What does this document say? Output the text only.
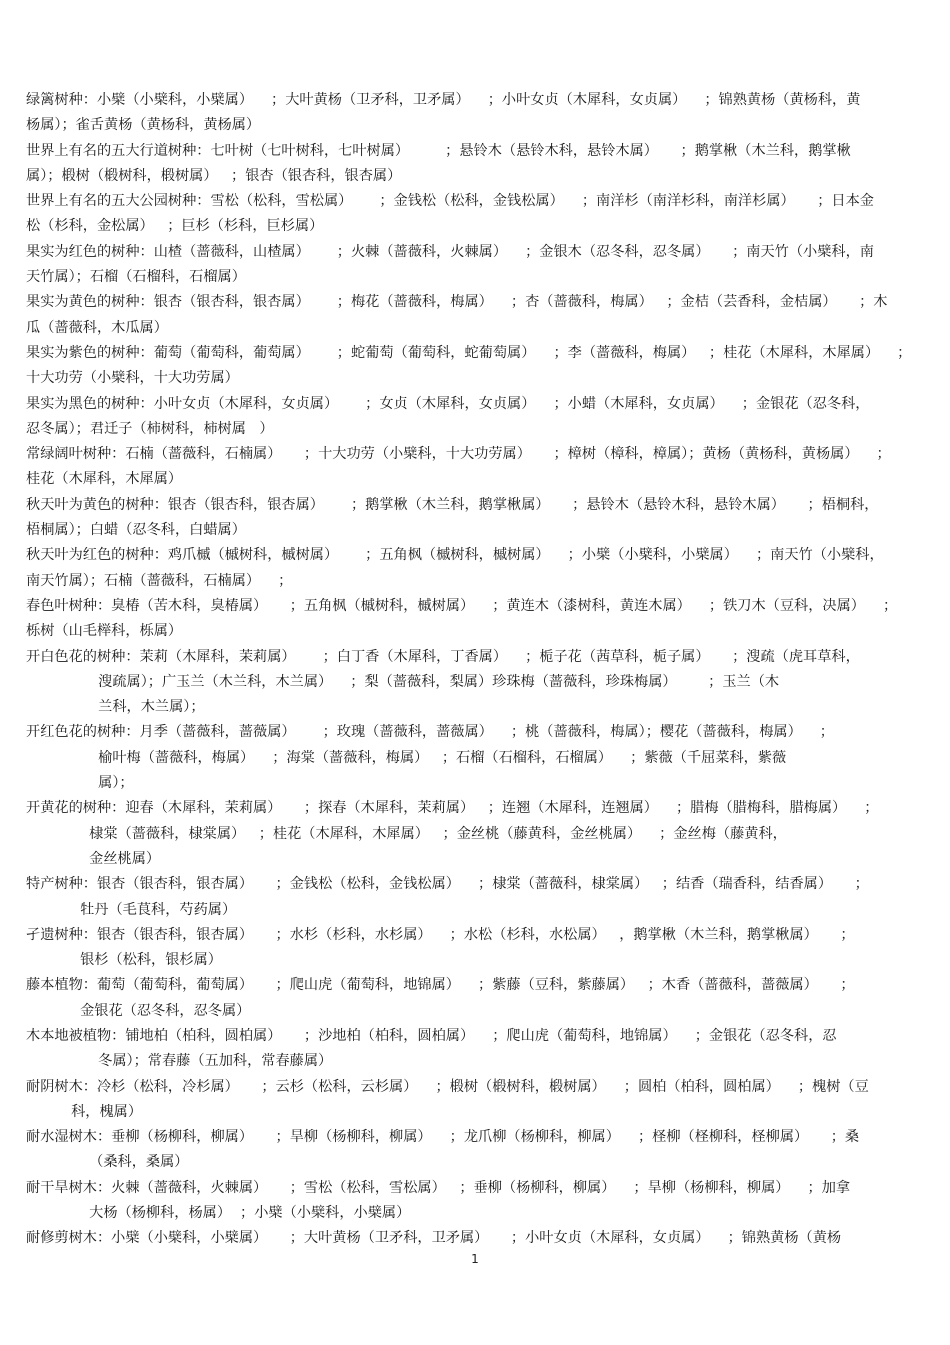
绿篱树种：小檗（小檗科，小檗属）    ；大叶黄杨（卫矛科，卫矛属）    ；小叶女贞（木犀科，女贞属）    ；锦熟黄杨（黄杨科，黄
杨属）；雀舌黄杨（黄杨科，黄杨属）
世界上有名的五大行道树种：七叶树（七叶树科，七叶树属）        ；悬铃木（悬铃木科，悬铃木属）     ；鹅掌楸（木兰科，鹅掌楸
属）；椴树（椴树科，椴树属）   ；银杏（银杏科，银杏属）
世界上有名的五大公园树种：雪松（松科，雪松属）      ；金钱松（松科，金钱松属）    ；南洋杉（南洋杉科，南洋杉属）     ；日本金
松（杉科，金松属）   ；巨杉（杉科，巨杉属）
果实为红色的树种：山楂（蔷薇科，山楂属）      ；火棘（蔷薇科，火棘属）    ；金银木（忍冬科，忍冬属）     ；南天竹（小檗科，南
天竹属）；石榴（石榴科，石榴属）
果实为黄色的树种：银杏（银杏科，银杏属）      ；梅花（蔷薇科，梅属）    ；杏（蔷薇科，梅属）   ；金桔（芸香科，金桔属）     ；木
瓜（蔷薇科，木瓜属）
果实为紫色的树种：葡萄（葡萄科，葡萄属）      ；蛇葡萄（葡萄科，蛇葡萄属）    ；李（蔷薇科，梅属）   ；桂花（木犀科，木犀属）    ；
十大功劳（小檗科，十大功劳属）
果实为黑色的树种：小叶女贞（木犀科，女贞属）      ；女贞（木犀科，女贞属）    ；小蜡（木犀科，女贞属）    ；金银花（忍冬科，
忍冬属）；君迁子（柿树科，柿树属   ）
常绿阔叶树种：石楠（蔷薇科，石楠属）     ；十大功劳（小檗科，十大功劳属）     ；樟树（樟科，樟属）；黄杨（黄杨科，黄杨属）    ；
桂花（木犀科，木犀属）
秋天叶为黄色的树种：银杏（银杏科，银杏属）      ；鹅掌楸（木兰科，鹅掌楸属）     ；悬铃木（悬铃木科，悬铃木属）     ；梧桐科，
梧桐属）；白蜡（忍冬科，白蜡属）
秋天叶为红色的树种：鸡爪槭（槭树科，槭树属）      ；五角枫（槭树科，槭树属）    ；小檗（小檗科，小檗属）    ；南天竹（小檗科，
南天竹属）；石楠（蔷薇科，石楠属）    ；
春色叶树种：臭椿（苦木科，臭椿属）     ；五角枫（槭树科，槭树属）    ；黄连木（漆树科，黄连木属）    ；铁刀木（豆科，决属）    ；
栎树（山毛榉科，栎属）
开白色花的树种：茉莉（木犀科，茉莉属）      ；白丁香（木犀科，丁香属）    ；栀子花（茜草科，栀子属）     ；溲疏（虎耳草科，
溲疏属）；广玉兰（木兰科，木兰属）    ；梨（蔷薇科，梨属）珍珠梅（蔷薇科，珍珠梅属）       ；玉兰（木
兰科，木兰属）；
开红色花的树种：月季（蔷薇科，蔷薇属）      ；玫瑰（蔷薇科，蔷薇属）    ；桃（蔷薇科，梅属）；樱花（蔷薇科，梅属）    ；
榆叶梅（蔷薇科，梅属）    ；海棠（蔷薇科，梅属）   ；石榴（石榴科，石榴属）    ；紫薇（千屈菜科，紫薇
属）；
开黄花的树种：迎春（木犀科，茉莉属）     ；探春（木犀科，茉莉属）   ；连翘（木犀科，连翘属）    ；腊梅（腊梅科，腊梅属）    ；
棣棠（蔷薇科，棣棠属）   ；桂花（木犀科，木犀属）   ；金丝桃（藤黄科，金丝桃属）    ；金丝梅（藤黄科，
金丝桃属）
特产树种：银杏（银杏科，银杏属）     ；金钱松（松科，金钱松属）    ；棣棠（蔷薇科，棣棠属）   ；结香（瑞香科，结香属）     ；
牡丹（毛茛科，芍药属）
孑遗树种：银杏（银杏科，银杏属）     ；水杉（杉科，水杉属）    ；水松（杉科，水松属）   ，鹅掌楸（木兰科，鹅掌楸属）     ；
银杉（松科，银杉属）
藤本植物：葡萄（葡萄科，葡萄属）     ；爬山虎（葡萄科，地锦属）    ；紫藤（豆科，紫藤属）   ；木香（蔷薇科，蔷薇属）     ；
金银花（忍冬科，忍冬属）
木本地被植物：铺地柏（柏科，圆柏属）     ；沙地柏（柏科，圆柏属）    ；爬山虎（葡萄科，地锦属）    ；金银花（忍冬科，忍
冬属）；常春藤（五加科，常春藤属）
耐阴树木：冷杉（松科，冷杉属）     ；云杉（松科，云杉属）    ；椴树（椴树科，椴树属）    ；圆柏（柏科，圆柏属）    ；槐树（豆
科，槐属）
耐水湿树木：垂柳（杨柳科，柳属）     ；旱柳（杨柳科，柳属）    ；龙爪柳（杨柳科，柳属）    ；柽柳（柽柳科，柽柳属）     ；桑
（桑科，桑属）
耐干旱树木：火棘（蔷薇科，火棘属）     ；雪松（松科，雪松属）   ；垂柳（杨柳科，柳属）    ；旱柳（杨柳科，柳属）    ；加拿
大杨（杨柳科，杨属）  ；小檗（小檗科，小檗属）
耐修剪树木：小檗（小檗科，小檗属）     ；大叶黄杨（卫矛科，卫矛属）     ；小叶女贞（木犀科，女贞属）    ；锦熟黄杨（黄杨
1
